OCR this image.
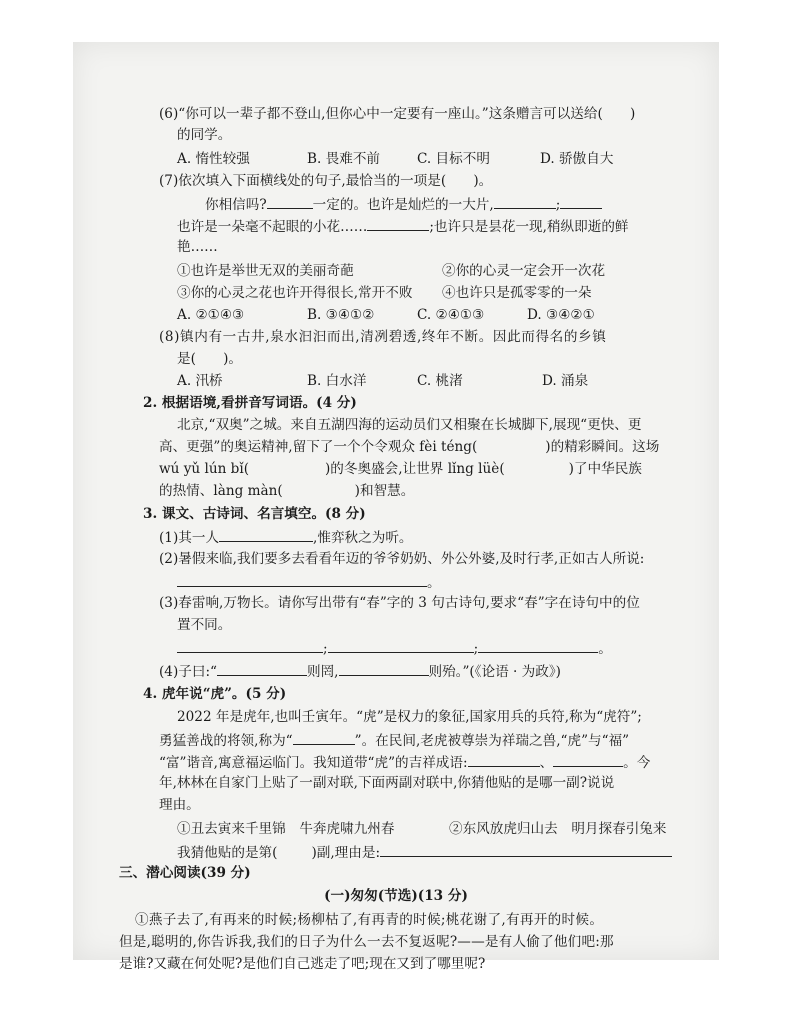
(6)“你可以一辈子都不登山,但你心中一定要有一座山。”这条赠言可以送给(　　)
的同学。
A. 惰性较强	B. 畏难不前	C. 目标不明	D. 骄傲自大
(7)依次填入下面横线处的句子,最恰当的一项是(　　)。
你相信吗?	一定的。也许是灿烂的一大片,	;
也许是一朵毫不起眼的小花……	;也许只是昙花一现,稍纵即逝的鲜
艳……
①也许是举世无双的美丽奇葩	②你的心灵一定会开一次花
③你的心灵之花也许开得很长,常开不败 ④也许只是孤零零的一朵
A. ②①④③	B. ③④①②	C. ②④①③	D. ③④②①
(8)镇内有一古井,泉水汩汩而出,清冽碧透,终年不断。因此而得名的乡镇
是(　　)。
A. 汛桥	B. 白水洋	C. 桃渚	D. 涌泉
2. 根据语境,看拼音写词语。(4 分)
北京,“双奥”之城。来自五湖四海的运动员们又相聚在长城脚下,展现“更快、更
高、更强”的奥运精神,留下了一个个令观众 fèi téng(	)的精彩瞬间。这场
wú yǔ lún bǐ(	)的冬奥盛会,让世界 lǐng lüè(	)了中华民族
的热情、làng màn(	)和智慧。
3. 课文、古诗词、名言填空。(8 分)
(1)其一人	,惟弈秋之为听。
(2)暑假来临,我们要多去看看年迈的爷爷奶奶、外公外婆,及时行孝,正如古人所说:
。
(3)春雷响,万物长。请你写出带有“春”字的 3 句古诗句,要求“春”字在诗句中的位
置不同。
;	;	。
(4)子曰:“	则罔,	则殆。”(《论语 · 为政》)
4. 虎年说“虎”。(5 分)
2022 年是虎年,也叫壬寅年。“虎”是权力的象征,国家用兵的兵符,称为“虎符”;
勇猛善战的将领,称为“	”。在民间,老虎被尊崇为祥瑞之兽,“虎”与“福”
“富”谐音,寓意福运临门。我知道带“虎”的吉祥成语:	、	。今
年,林林在自家门上贴了一副对联,下面两副对联中,你猜他贴的是哪一副?说说
理由。
①丑去寅来千里锦　牛奔虎啸九州春	②东风放虎归山去　明月探春引兔来
我猜他贴的是第(	)副,理由是:
三、潜心阅读(39 分)
(一)匆匆(节选)(13 分)
①燕子去了,有再来的时候;杨柳枯了,有再青的时候;桃花谢了,有再开的时候。
但是,聪明的,你告诉我,我们的日子为什么一去不复返呢?——是有人偷了他们吧:那
是谁?又藏在何处呢?是他们自己逃走了吧;现在又到了哪里呢?
